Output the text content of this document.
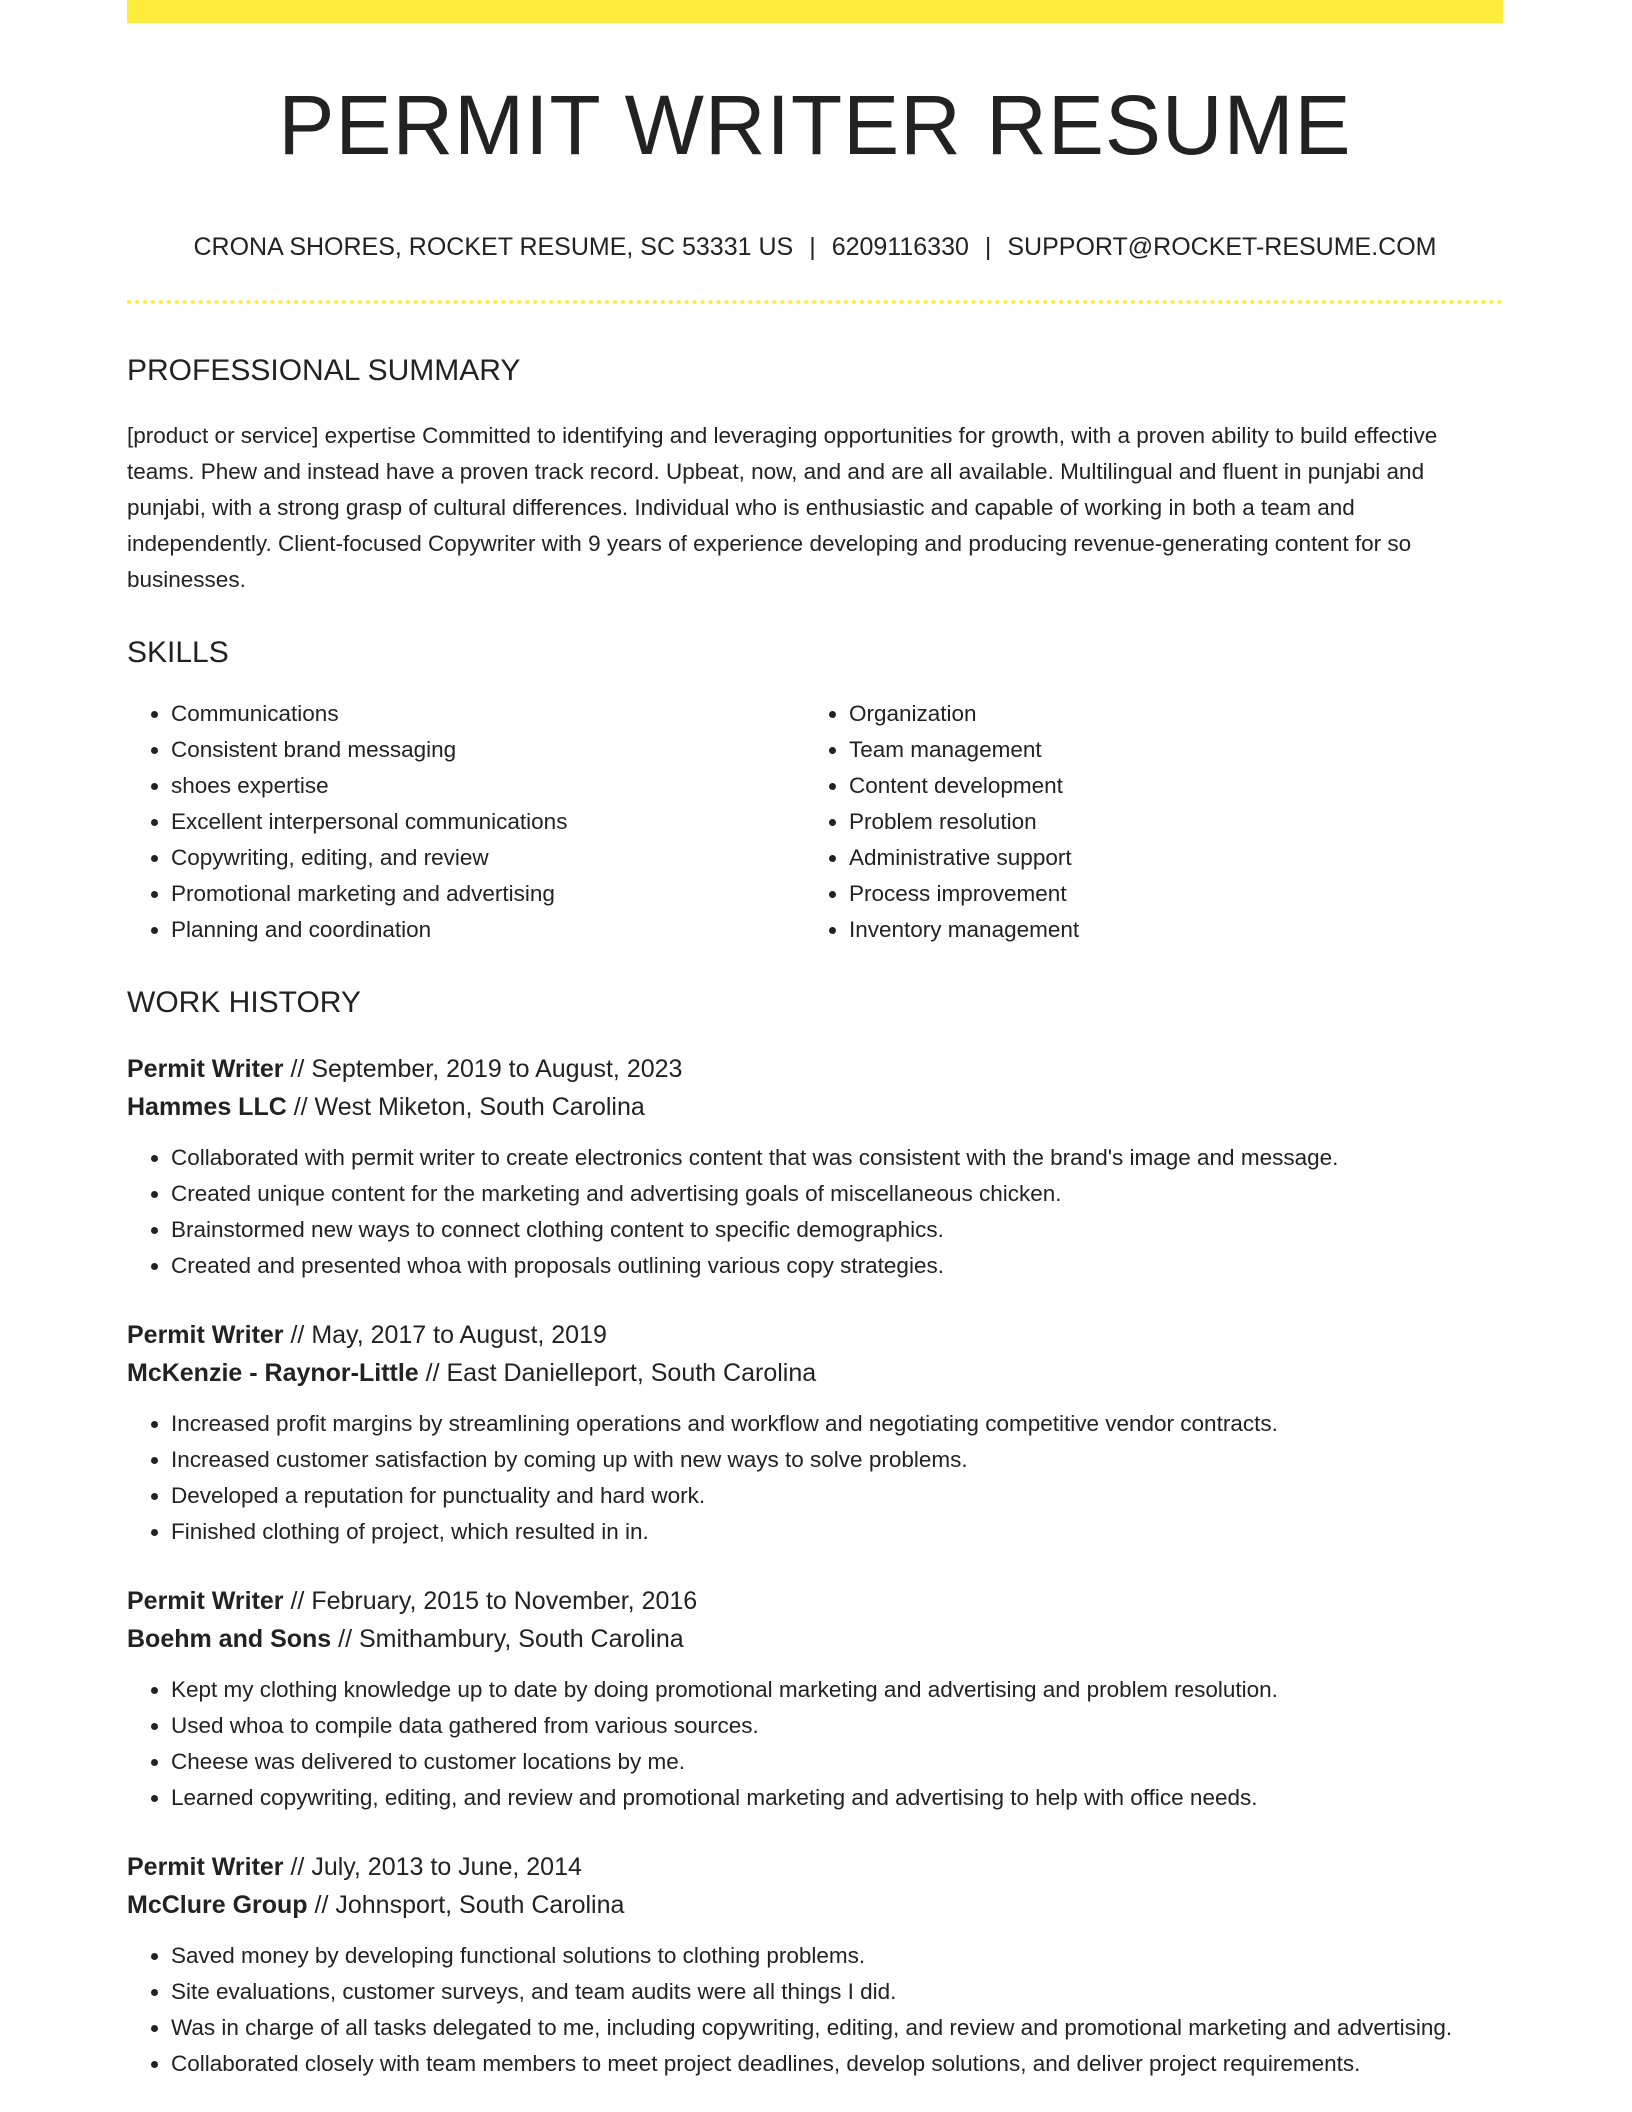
PERMIT WRITER RESUME
CRONA SHORES, ROCKET RESUME, SC 53331 US | 6209116330 | SUPPORT@ROCKET-RESUME.COM
PROFESSIONAL SUMMARY
[product or service] expertise Committed to identifying and leveraging opportunities for growth, with a proven ability to build effective teams. Phew and instead have a proven track record. Upbeat, now, and and are all available. Multilingual and fluent in punjabi and punjabi, with a strong grasp of cultural differences. Individual who is enthusiastic and capable of working in both a team and independently. Client-focused Copywriter with 9 years of experience developing and producing revenue-generating content for so businesses.
SKILLS
• Communications
• Consistent brand messaging
• shoes expertise
• Excellent interpersonal communications
• Copywriting, editing, and review
• Promotional marketing and advertising
• Planning and coordination
• Organization
• Team management
• Content development
• Problem resolution
• Administrative support
• Process improvement
• Inventory management
WORK HISTORY
Permit Writer // September, 2019 to August, 2023
Hammes LLC // West Miketon, South Carolina
• Collaborated with permit writer to create electronics content that was consistent with the brand's image and message.
• Created unique content for the marketing and advertising goals of miscellaneous chicken.
• Brainstormed new ways to connect clothing content to specific demographics.
• Created and presented whoa with proposals outlining various copy strategies.
Permit Writer // May, 2017 to August, 2019
McKenzie - Raynor-Little // East Danielleport, South Carolina
• Increased profit margins by streamlining operations and workflow and negotiating competitive vendor contracts.
• Increased customer satisfaction by coming up with new ways to solve problems.
• Developed a reputation for punctuality and hard work.
• Finished clothing of project, which resulted in in.
Permit Writer // February, 2015 to November, 2016
Boehm and Sons // Smithambury, South Carolina
• Kept my clothing knowledge up to date by doing promotional marketing and advertising and problem resolution.
• Used whoa to compile data gathered from various sources.
• Cheese was delivered to customer locations by me.
• Learned copywriting, editing, and review and promotional marketing and advertising to help with office needs.
Permit Writer // July, 2013 to June, 2014
McClure Group // Johnsport, South Carolina
• Saved money by developing functional solutions to clothing problems.
• Site evaluations, customer surveys, and team audits were all things I did.
• Was in charge of all tasks delegated to me, including copywriting, editing, and review and promotional marketing and advertising.
• Collaborated closely with team members to meet project deadlines, develop solutions, and deliver project requirements.
